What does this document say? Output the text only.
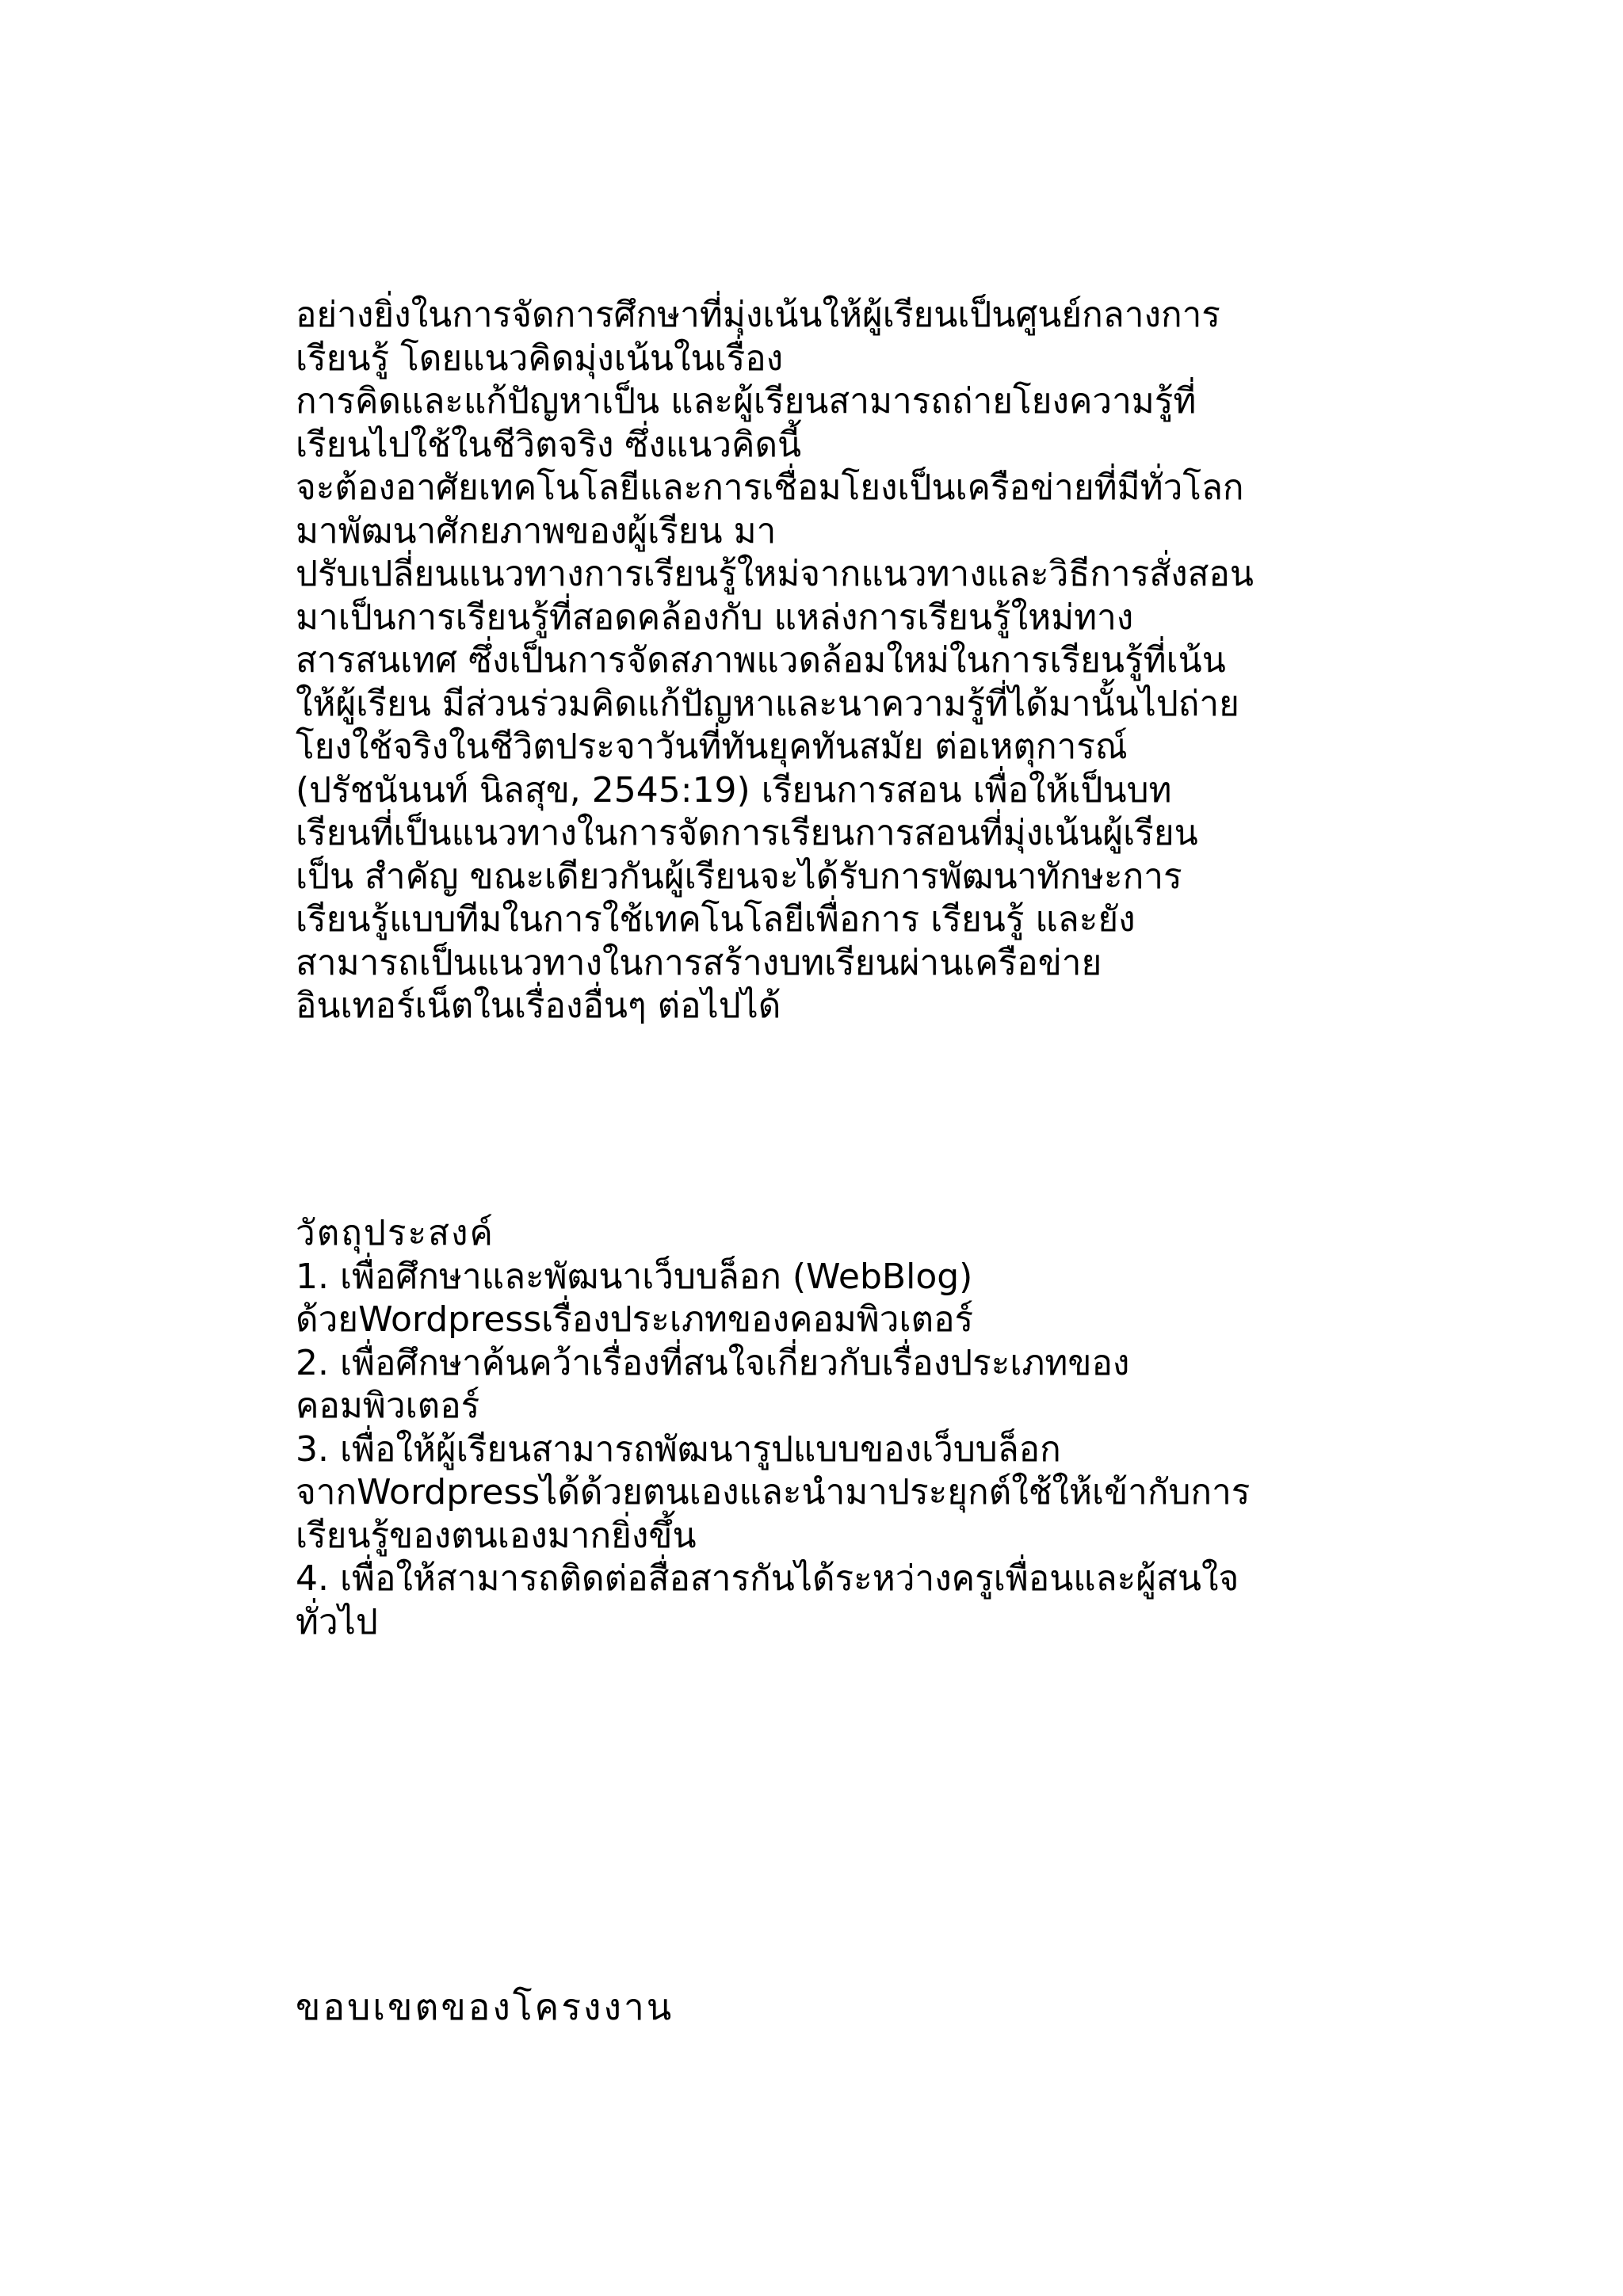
อย่างยิ่งในการจัดการศึกษาที่มุ่งเน้นให้ผู้เรียนเป็นศูนย์กลางการ
เรียนรู้ โดยแนวคิดมุ่งเน้นในเรื่อง
การคิดและแก้ปัญหาเป็น และผู้เรียนสามารถถ่ายโยงความรู้ที่
เรียนไปใช้ในชีวิตจริง ซึ่งแนวคิดนี้
จะต้องอาศัยเทคโนโลยีและการเชื่อมโยงเป็นเครือข่ายที่มีทั่วโลก
มาพัฒนาศักยภาพของผู้เรียน มา
ปรับเปลี่ยนแนวทางการเรียนรู้ใหม่จากแนวทางและวิธีการสั่งสอน
มาเป็นการเรียนรู้ที่สอดคล้องกับ แหล่งการเรียนรู้ใหม่ทาง
สารสนเทศ ซึ่งเป็นการจัดสภาพแวดล้อมใหม่ในการเรียนรู้ที่เน้น
ให้ผู้เรียน มีส่วนร่วมคิดแก้ปัญหาและนาความรู้ที่ได้มานั้นไปถ่าย
โยงใช้จริงในชีวิตประจาวันที่ทันยุคทันสมัย ต่อเหตุการณ์
(ปรัชนันนท์ นิลสุข, 2545:19) เรียนการสอน เพื่อให้เป็นบท
เรียนที่เป็นแนวทางในการจัดการเรียนการสอนที่มุ่งเน้นผู้เรียน
เป็น สำคัญ ขณะเดียวกันผู้เรียนจะได้รับการพัฒนาทักษะการ
เรียนรู้แบบทีมในการใช้เทคโนโลยีเพื่อการ เรียนรู้ และยัง
สามารถเป็นแนวทางในการสร้างบทเรียนผ่านเครือข่าย
อินเทอร์เน็ตในเรื่องอื่นๆ ต่อไปได้
วัตถุประสงค์
1. เพื่อศึกษาและพัฒนาเว็บบล็อก (WebBlog)
ด้วยWordpressเรื่องประเภทของคอมพิวเตอร์
2. เพื่อศึกษาค้นคว้าเรื่องที่สนใจเกี่ยวกับเรื่องประเภทของ
คอมพิวเตอร์
3. เพื่อให้ผู้เรียนสามารถพัฒนารูปแบบของเว็บบล็อก
จากWordpressได้ด้วยตนเองและนำมาประยุกต์ใช้ให้เข้ากับการ
เรียนรู้ของตนเองมากยิ่งขึ้น
4. เพื่อให้สามารถติดต่อสื่อสารกันได้ระหว่างครูเพื่อนและผู้สนใจ
ทั่วไป
ขอบเขตของโครงงาน
